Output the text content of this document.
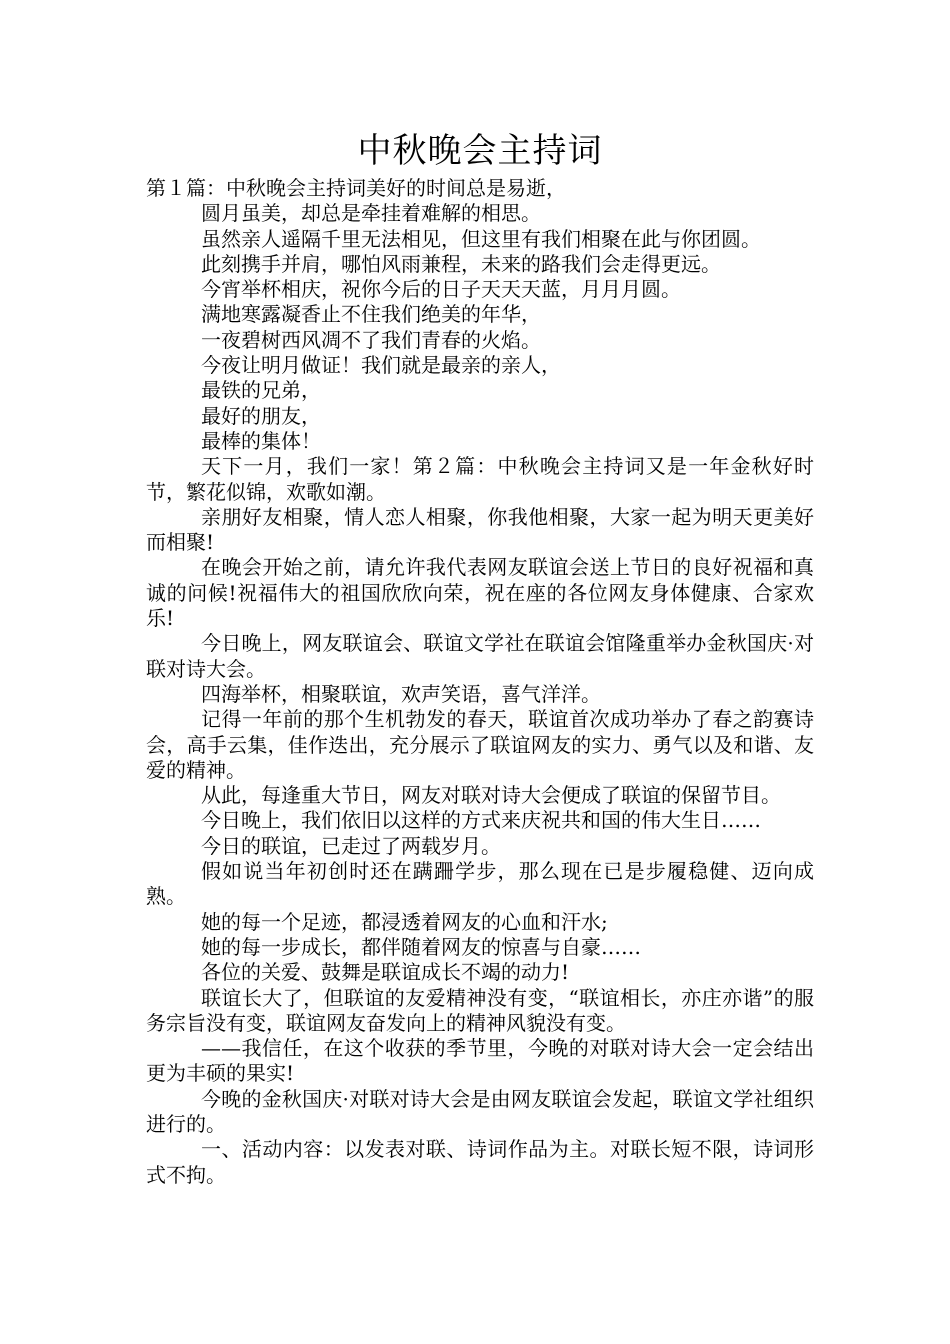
中秋晚会主持词

第１篇：中秋晚会主持词美好的时间总是易逝，

圆月虽美，却总是牵挂着难解的相思。

虽然亲人遥隔千里无法相见，但这里有我们相聚在此与你团圆。

此刻携手并肩，哪怕风雨兼程，未来的路我们会走得更远。

今宵举杯相庆，祝你今后的日子天天天蓝，月月月圆。

满地寒露凝香止不住我们绝美的年华，

一夜碧树西风凋不了我们青春的火焰。

今夜让明月做证！我们就是最亲的亲人，

最铁的兄弟，

最好的朋友，

最棒的集体！

天下一月，我们一家！第２篇：中秋晚会主持词又是一年金秋好时节，繁花似锦，欢歌如潮。

亲朋好友相聚，情人恋人相聚，你我他相聚，大家一起为明天更美好而相聚!

在晚会开始之前，请允许我代表网友联谊会送上节日的良好祝福和真诚的问候!祝福伟大的祖国欣欣向荣，祝在座的各位网友身体健康、合家欢乐!

今日晚上，网友联谊会、联谊文学社在联谊会馆隆重举办金秋国庆·对联对诗大会。

四海举杯，相聚联谊，欢声笑语，喜气洋洋。

记得一年前的那个生机勃发的春天，联谊首次成功举办了春之韵赛诗会，高手云集，佳作迭出，充分展示了联谊网友的实力、勇气以及和谐、友爱的精神。

从此，每逢重大节日，网友对联对诗大会便成了联谊的保留节目。

今日晚上，我们依旧以这样的方式来庆祝共和国的伟大生日……

今日的联谊，已走过了两载岁月。

假如说当年初创时还在蹒跚学步，那么现在已是步履稳健、迈向成熟。

她的每一个足迹，都浸透着网友的心血和汗水;

她的每一步成长，都伴随着网友的惊喜与自豪……

各位的关爱、鼓舞是联谊成长不竭的动力!

联谊长大了，但联谊的友爱精神没有变，“联谊相长，亦庄亦谐”的服务宗旨没有变，联谊网友奋发向上的精神风貌没有变。

——我信任，在这个收获的季节里，今晚的对联对诗大会一定会结出更为丰硕的果实!

今晚的金秋国庆·对联对诗大会是由网友联谊会发起，联谊文学社组织进行的。

一、活动内容：以发表对联、诗词作品为主。对联长短不限，诗词形式不拘。
